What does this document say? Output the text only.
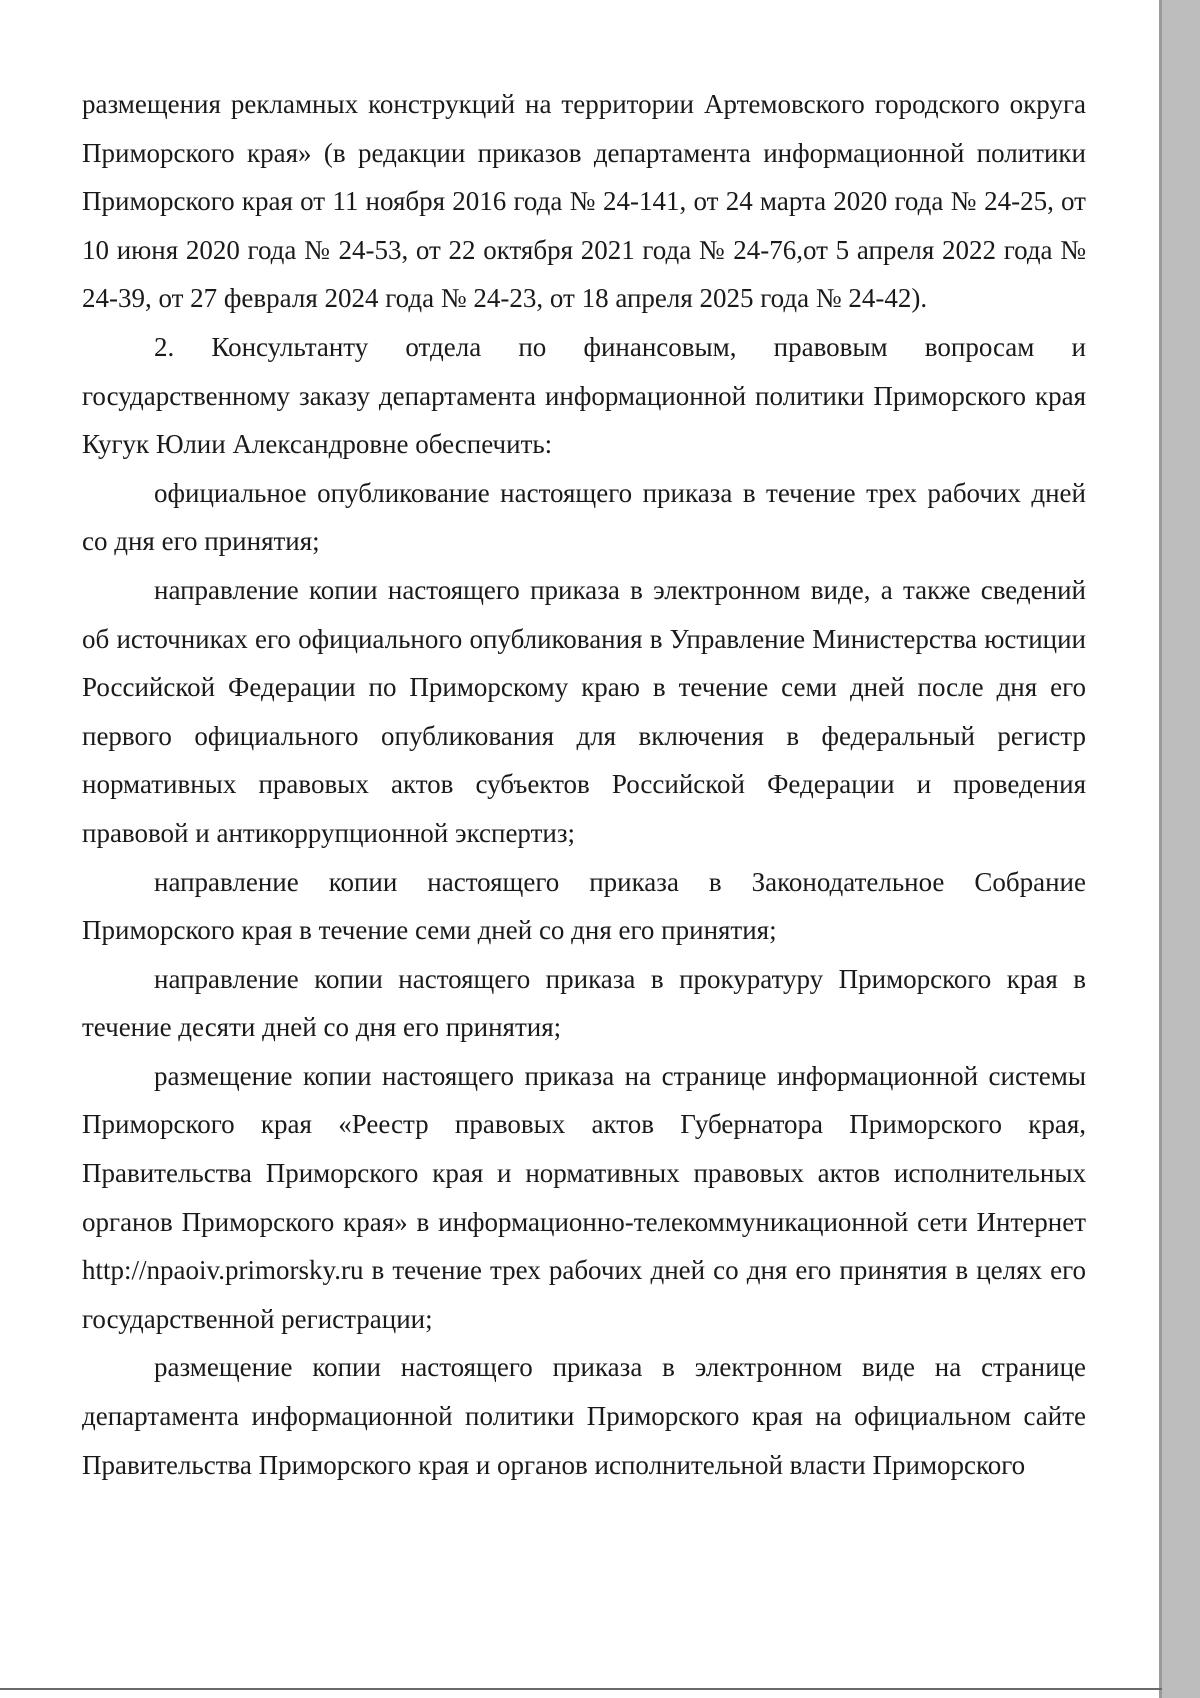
размещения рекламных конструкций на территории Артемовского городского округа Приморского края» (в редакции приказов департамента информационной политики Приморского края от 11 ноября 2016 года № 24-141, от 24 марта 2020 года № 24-25, от 10 июня 2020 года № 24-53, от 22 октября 2021 года № 24-76,от 5 апреля 2022 года № 24-39, от 27 февраля 2024 года № 24-23, от 18 апреля 2025 года № 24-42).

2. Консультанту отдела по финансовым, правовым вопросам и государственному заказу департамента информационной политики Приморского края Кугук Юлии Александровне обеспечить:

официальное опубликование настоящего приказа в течение трех рабочих дней со дня его принятия;

направление копии настоящего приказа в электронном виде, а также сведений об источниках его официального опубликования в Управление Министерства юстиции Российской Федерации по Приморскому краю в течение семи дней после дня его первого официального опубликования для включения в федеральный регистр нормативных правовых актов субъектов Российской Федерации и проведения правовой и антикоррупционной экспертиз;

направление копии настоящего приказа в Законодательное Собрание Приморского края в течение семи дней со дня его принятия;

направление копии настоящего приказа в прокуратуру Приморского края в течение десяти дней со дня его принятия;

размещение копии настоящего приказа на странице информационной системы Приморского края «Реестр правовых актов Губернатора Приморского края, Правительства Приморского края и нормативных правовых актов исполнительных органов Приморского края» в информационно-телекоммуникационной сети Интернет http://npaoiv.primorsky.ru в течение трех рабочих дней со дня его принятия в целях его государственной регистрации;

размещение копии настоящего приказа в электронном виде на странице департамента информационной политики Приморского края на официальном сайте Правительства Приморского края и органов исполнительной власти Приморского
